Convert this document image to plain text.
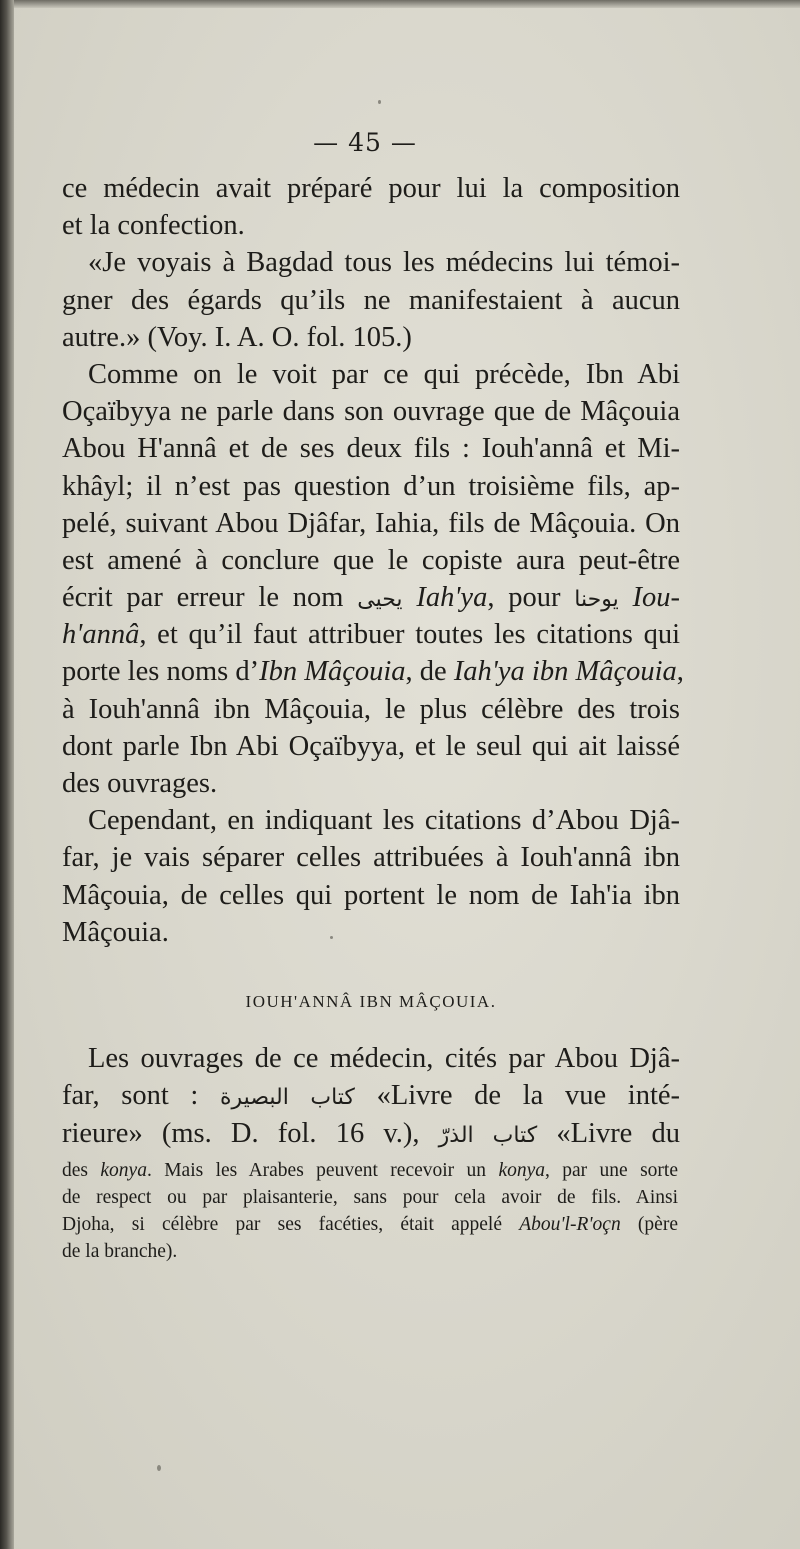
— 45 —
ce médecin avait préparé pour lui la composition
et la confection.
«Je voyais à Bagdad tous les médecins lui témoi-
gner des égards qu’ils ne manifestaient à aucun
autre.» (Voy. I. A. O. fol. 105.)
Comme on le voit par ce qui précède, Ibn Abi
Oçaïbyya ne parle dans son ouvrage que de Mâçouia
Abou H'annâ et de ses deux fils : Iouh'annâ et Mi-
khâyl; il n’est pas question d’un troisième fils, ap-
pelé, suivant Abou Djâfar, Iahia, fils de Mâçouia. On
est amené à conclure que le copiste aura peut-être
écrit par erreur le nom يحيى Iah'ya, pour يوحنا Iou-
h'annâ, et qu’il faut attribuer toutes les citations qui
porte les noms d’Ibn Mâçouia, de Iah'ya ibn Mâçouia,
à Iouh'annâ ibn Mâçouia, le plus célèbre des trois
dont parle Ibn Abi Oçaïbyya, et le seul qui ait laissé
des ouvrages.
Cependant, en indiquant les citations d’Abou Djâ-
far, je vais séparer celles attribuées à Iouh'annâ ibn
Mâçouia, de celles qui portent le nom de Iah'ia ibn
Mâçouia.
IOUH'ANNÂ IBN MÂÇOUIA.
Les ouvrages de ce médecin, cités par Abou Djâ-
far, sont : كتاب البصيرة «Livre de la vue inté-
rieure» (ms. D. fol. 16 v.), كتاب الذرّ «Livre du
des konya. Mais les Arabes peuvent recevoir un konya, par une sorte
de respect ou par plaisanterie, sans pour cela avoir de fils. Ainsi
Djoha, si célèbre par ses facéties, était appelé Abou'l-R'oçn (père
de la branche).
